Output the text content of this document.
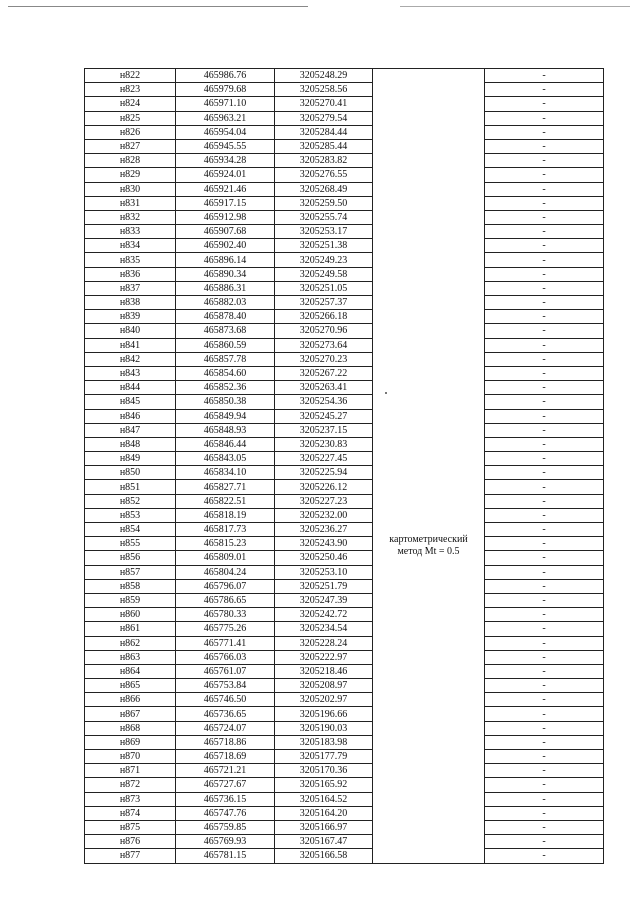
н822	465986.76	3205248.29	картометрический
метод Mt = 0.5	-
н823	465979.68	3205258.56		-
н824	465971.10	3205270.41		-
н825	465963.21	3205279.54		-
н826	465954.04	3205284.44		-
н827	465945.55	3205285.44		-
н828	465934.28	3205283.82		-
н829	465924.01	3205276.55		-
н830	465921.46	3205268.49		-
н831	465917.15	3205259.50		-
н832	465912.98	3205255.74		-
н833	465907.68	3205253.17		-
н834	465902.40	3205251.38		-
н835	465896.14	3205249.23		-
н836	465890.34	3205249.58		-
н837	465886.31	3205251.05		-
н838	465882.03	3205257.37		-
н839	465878.40	3205266.18		-
н840	465873.68	3205270.96		-
н841	465860.59	3205273.64		-
н842	465857.78	3205270.23		-
н843	465854.60	3205267.22		-
н844	465852.36	3205263.41		-
н845	465850.38	3205254.36		-
н846	465849.94	3205245.27		-
н847	465848.93	3205237.15		-
н848	465846.44	3205230.83		-
н849	465843.05	3205227.45		-
н850	465834.10	3205225.94		-
н851	465827.71	3205226.12		-
н852	465822.51	3205227.23		-
н853	465818.19	3205232.00		-
н854	465817.73	3205236.27		-
н855	465815.23	3205243.90		-
н856	465809.01	3205250.46		-
н857	465804.24	3205253.10		-
н858	465796.07	3205251.79		-
н859	465786.65	3205247.39		-
н860	465780.33	3205242.72		-
н861	465775.26	3205234.54		-
н862	465771.41	3205228.24		-
н863	465766.03	3205222.97		-
н864	465761.07	3205218.46		-
н865	465753.84	3205208.97		-
н866	465746.50	3205202.97		-
н867	465736.65	3205196.66		-
н868	465724.07	3205190.03		-
н869	465718.86	3205183.98		-
н870	465718.69	3205177.79		-
н871	465721.21	3205170.36		-
н872	465727.67	3205165.92		-
н873	465736.15	3205164.52		-
н874	465747.76	3205164.20		-
н875	465759.85	3205166.97		-
н876	465769.93	3205167.47		-
н877	465781.15	3205166.58		-
